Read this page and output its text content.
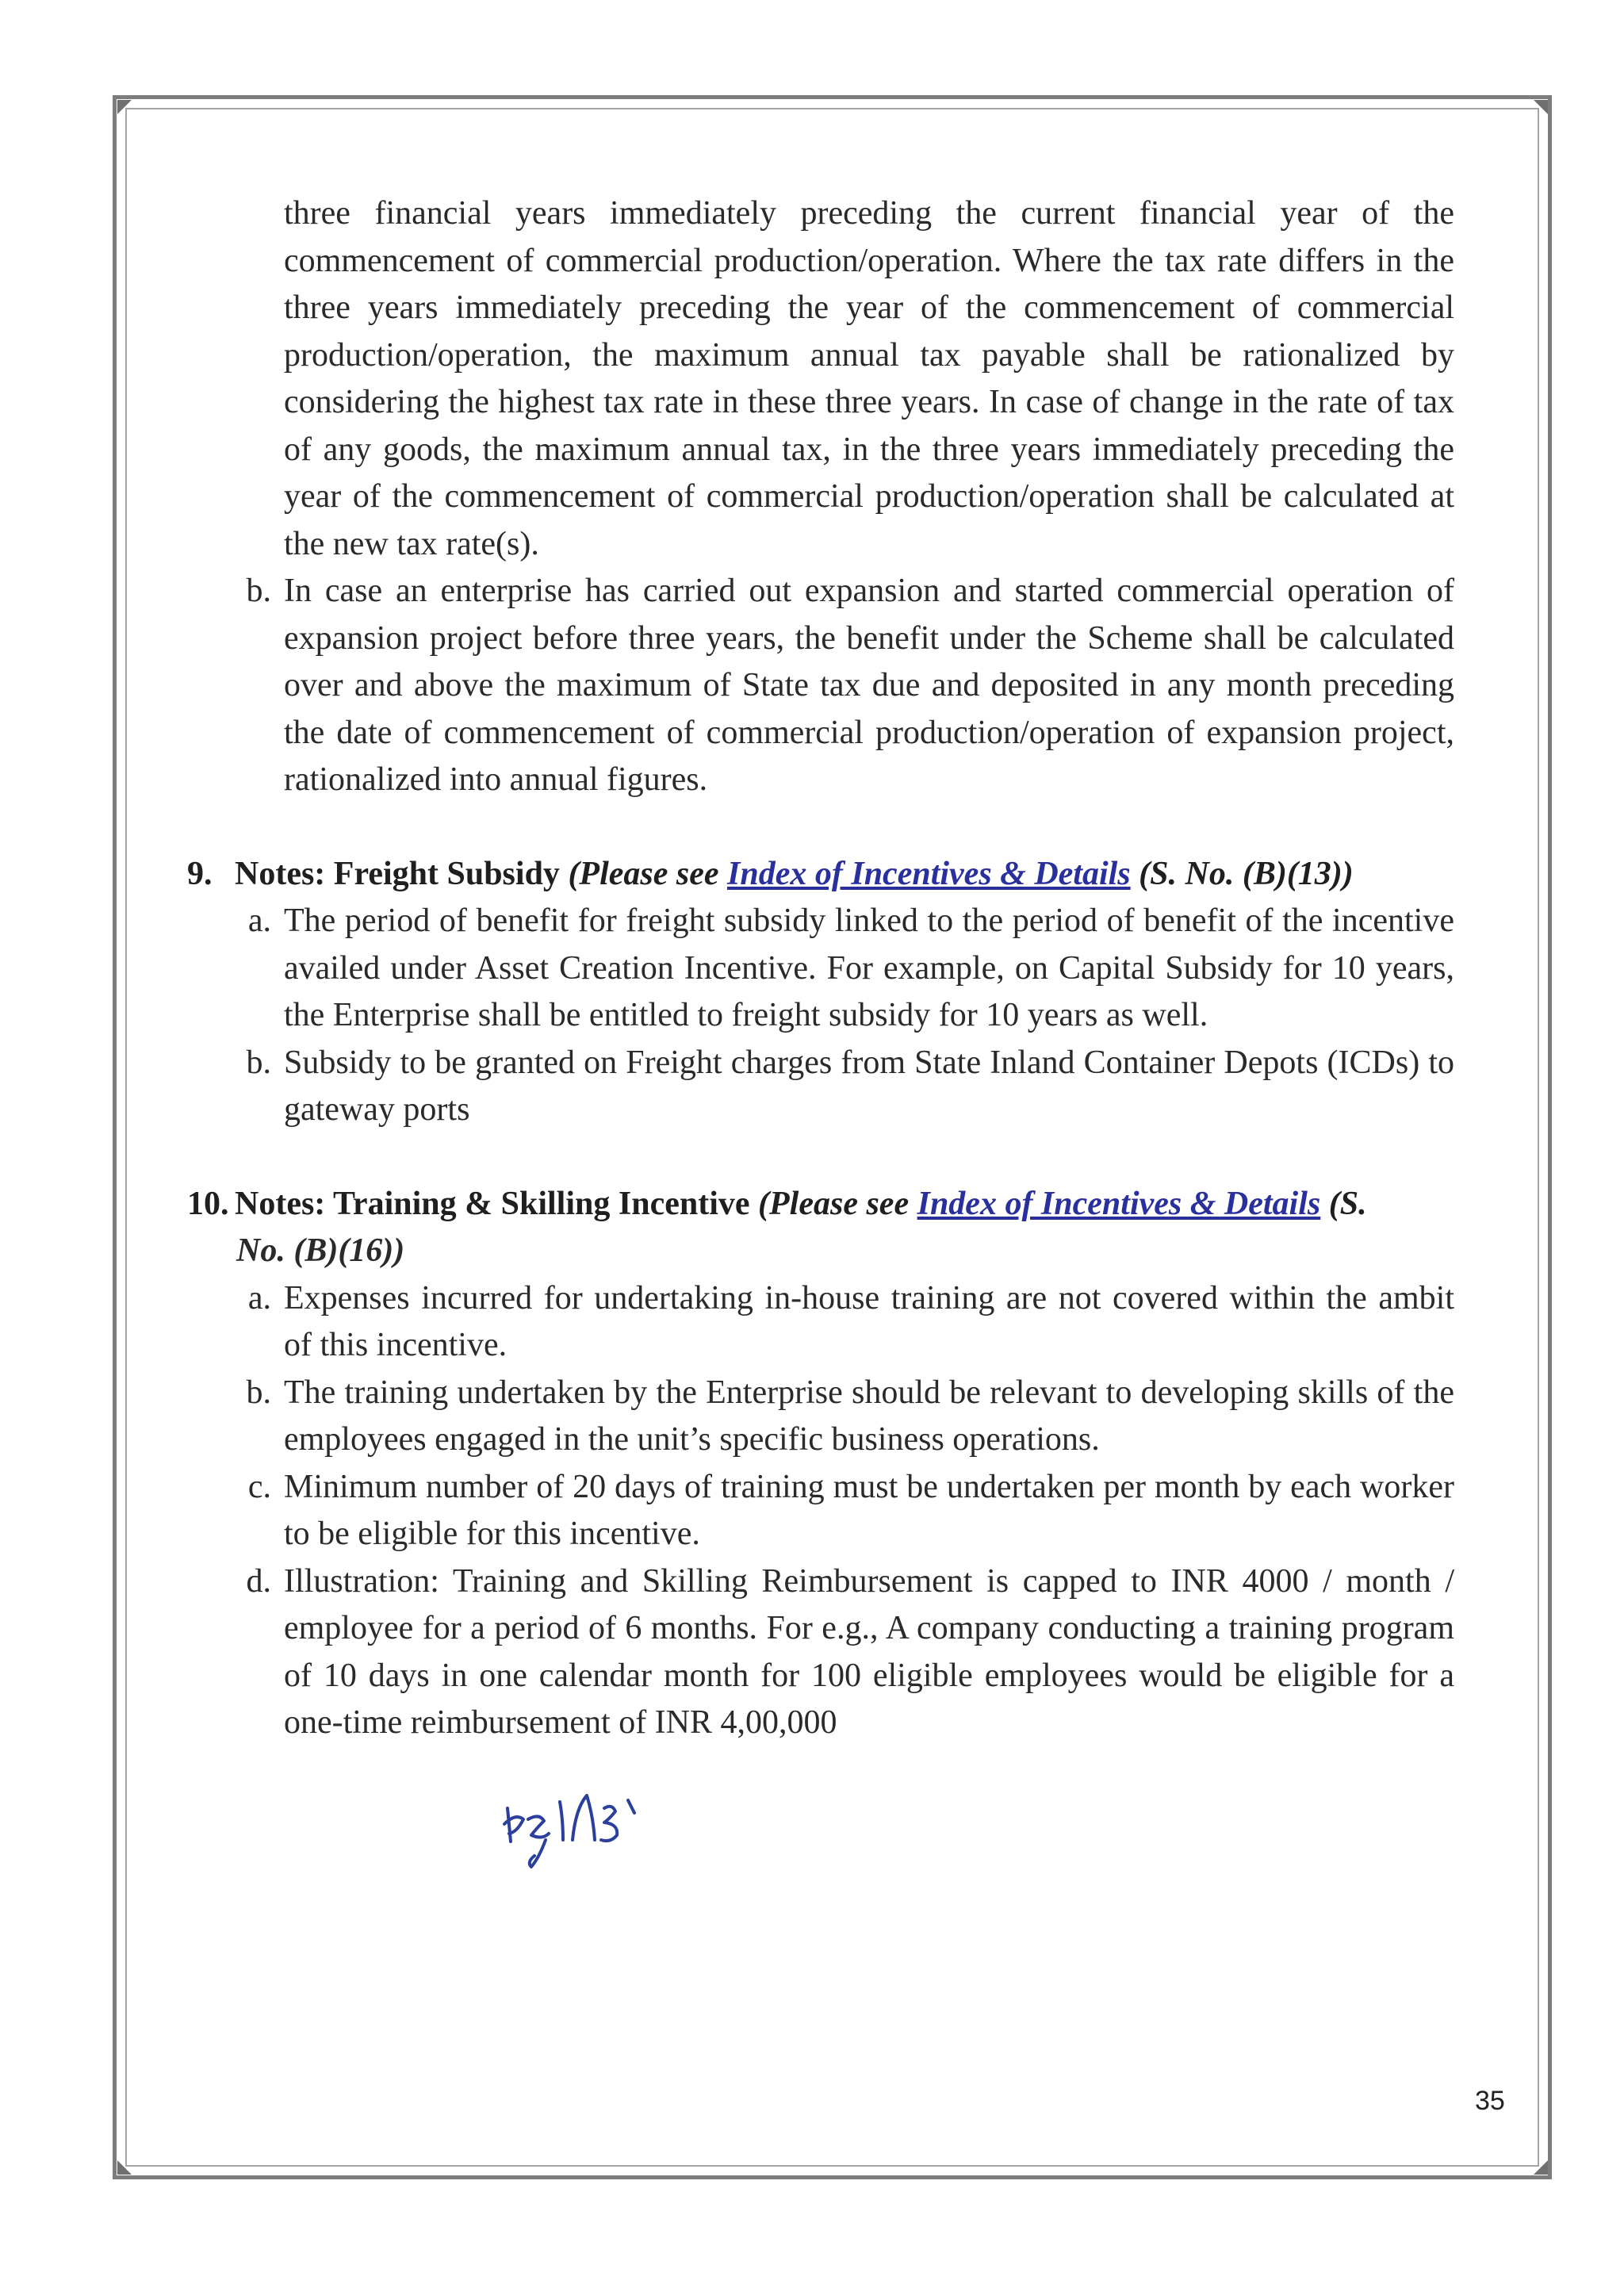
three financial years immediately preceding the current financial year of the commencement of commercial production/operation. Where the tax rate differs in the three years immediately preceding the year of the commencement of commercial production/operation, the maximum annual tax payable shall be rationalized by considering the highest tax rate in these three years. In case of change in the rate of tax of any goods, the maximum annual tax, in the three years immediately preceding the year of the commencement of commercial production/operation shall be calculated at the new tax rate(s).
b. In case an enterprise has carried out expansion and started commercial operation of expansion project before three years, the benefit under the Scheme shall be calculated over and above the maximum of State tax due and deposited in any month preceding the date of commencement of commercial production/operation of expansion project, rationalized into annual figures.
9. Notes: Freight Subsidy (Please see Index of Incentives & Details (S. No. (B)(13))
a. The period of benefit for freight subsidy linked to the period of benefit of the incentive availed under Asset Creation Incentive. For example, on Capital Subsidy for 10 years, the Enterprise shall be entitled to freight subsidy for 10 years as well.
b. Subsidy to be granted on Freight charges from State Inland Container Depots (ICDs) to gateway ports
10. Notes: Training & Skilling Incentive (Please see Index of Incentives & Details (S.
No. (B)(16))
a. Expenses incurred for undertaking in-house training are not covered within the ambit of this incentive.
b. The training undertaken by the Enterprise should be relevant to developing skills of the employees engaged in the unit’s specific business operations.
c. Minimum number of 20 days of training must be undertaken per month by each worker to be eligible for this incentive.
d. Illustration: Training and Skilling Reimbursement is capped to INR 4000 / month / employee for a period of 6 months. For e.g., A company conducting a training program of 10 days in one calendar month for 100 eligible employees would be eligible for a one-time reimbursement of INR 4,00,000
35
